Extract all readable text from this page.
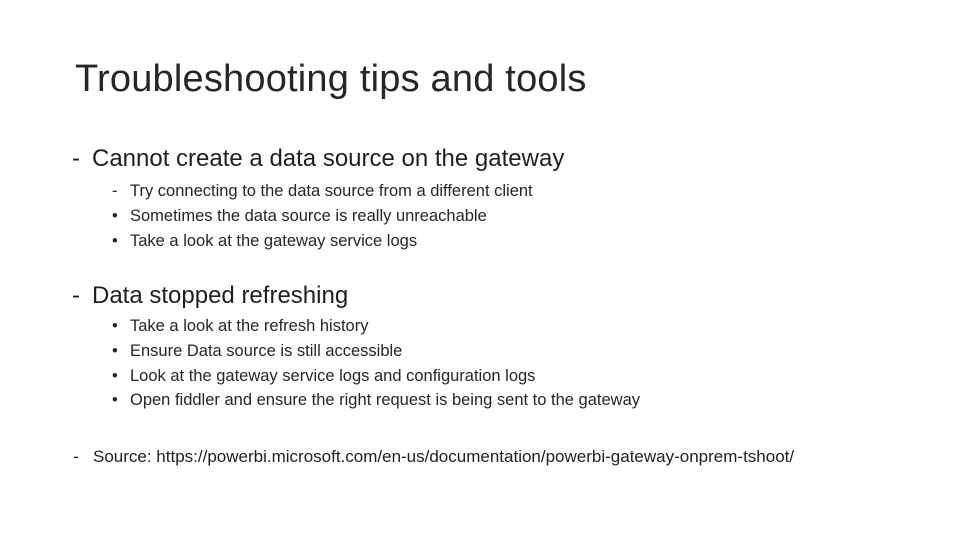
Troubleshooting tips and tools
- Cannot create a data source on the gateway
- Try connecting to the data source from a different client
• Sometimes the data source is really unreachable
• Take a look at the gateway service logs
- Data stopped refreshing
• Take a look at the refresh history
• Ensure Data source is still accessible
• Look at the gateway service logs and configuration logs
• Open fiddler and ensure the right request is being sent to the gateway
- Source: https://powerbi.microsoft.com/en-us/documentation/powerbi-gateway-onprem-tshoot/
